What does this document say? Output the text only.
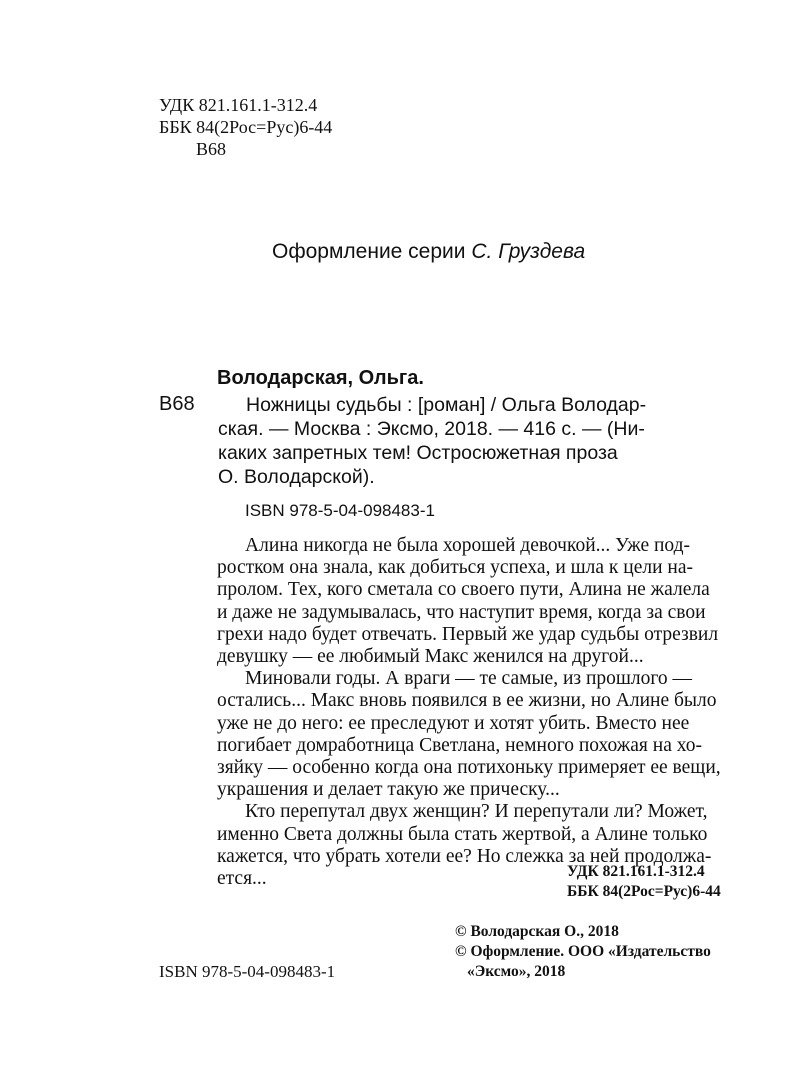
УДК 821.161.1-312.4
ББК 84(2Рос=Рус)6-44
В68
Оформление серии С. Груздева
Володарская, Ольга.
В68	Ножницы судьбы : [роман] / Ольга Володар-
ская. — Москва : Эксмо, 2018. — 416 с. — (Ни-
каких запретных тем! Остросюжетная проза
О. Володарской).
ISBN 978-5-04-098483-1
Алина никогда не была хорошей девочкой... Уже под-
ростком она знала, как добиться успеха, и шла к цели на-
пролом. Тех, кого сметала со своего пути, Алина не жалела
и даже не задумывалась, что наступит время, когда за свои
грехи надо будет отвечать. Первый же удар судьбы отрезвил
девушку — ее любимый Макс женился на другой...
Миновали годы. А враги — те самые, из прошлого —
остались... Макс вновь появился в ее жизни, но Алине было
уже не до него: ее преследуют и хотят убить. Вместо нее
погибает домработница Светлана, немного похожая на хо-
зяйку — особенно когда она потихоньку примеряет ее вещи,
украшения и делает такую же прическу...
Кто перепутал двух женщин? И перепутали ли? Может,
именно Света должны была стать жертвой, а Алине только
кажется, что убрать хотели ее? Но слежка за ней продолжа-
ется...	УДК 821.161.1-312.4
ББК 84(2Рос=Рус)6-44
ISBN 978-5-04-098483-1
© Володарская О., 2018
© Оформление. ООО «Издательство
«Эксмо», 2018
